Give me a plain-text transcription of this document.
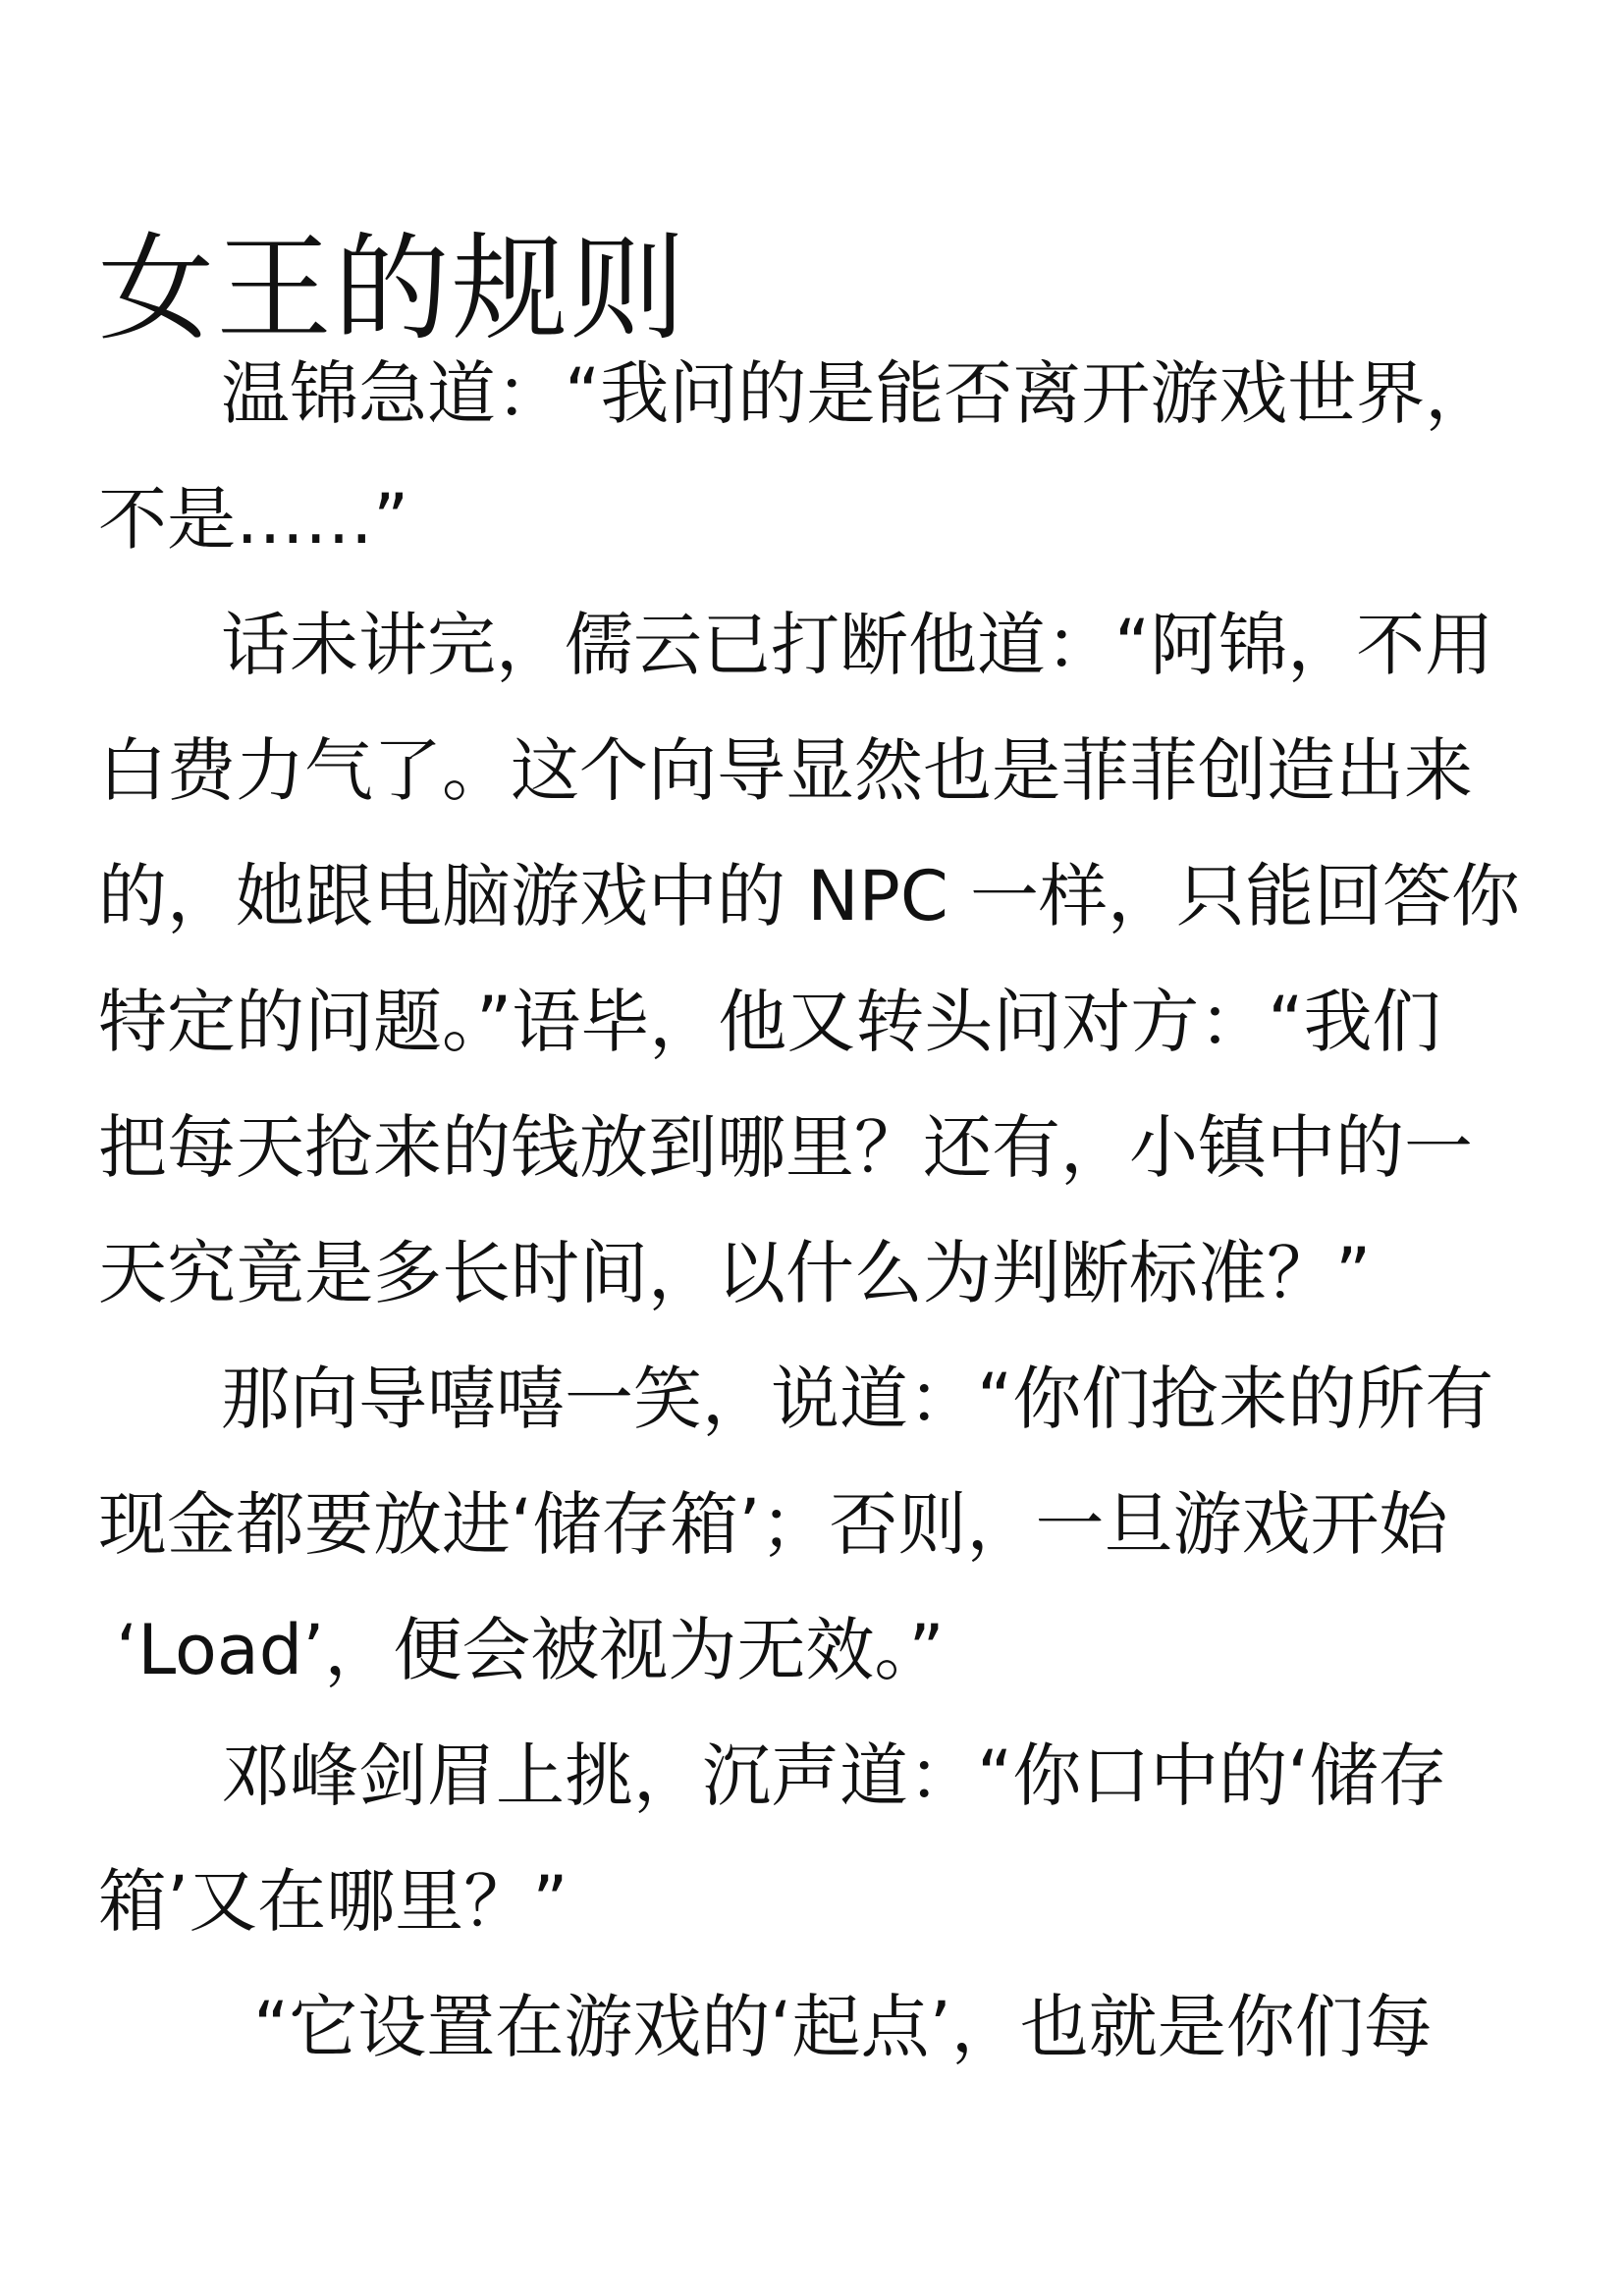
女王的规则
温锦急道：“我问的是能否离开游戏世界，
不是……”
话未讲完，儒云已打断他道：“阿锦，不用
白费力气了。这个向导显然也是菲菲创造出来
的，她跟电脑游戏中的 NPC 一样，只能回答你
特定的问题。”语毕，他又转头问对方：“我们
把每天抢来的钱放到哪里？还有，小镇中的一
天究竟是多长时间，以什么为判断标准？”
那向导嘻嘻一笑，说道：“你们抢来的所有
现金都要放进‘储存箱’；否则，一旦游戏开始
‘Load’，便会被视为无效。”
邓峰剑眉上挑，沉声道：“你口中的‘储存
箱’又在哪里？”
“它设置在游戏的‘起点’，也就是你们每
